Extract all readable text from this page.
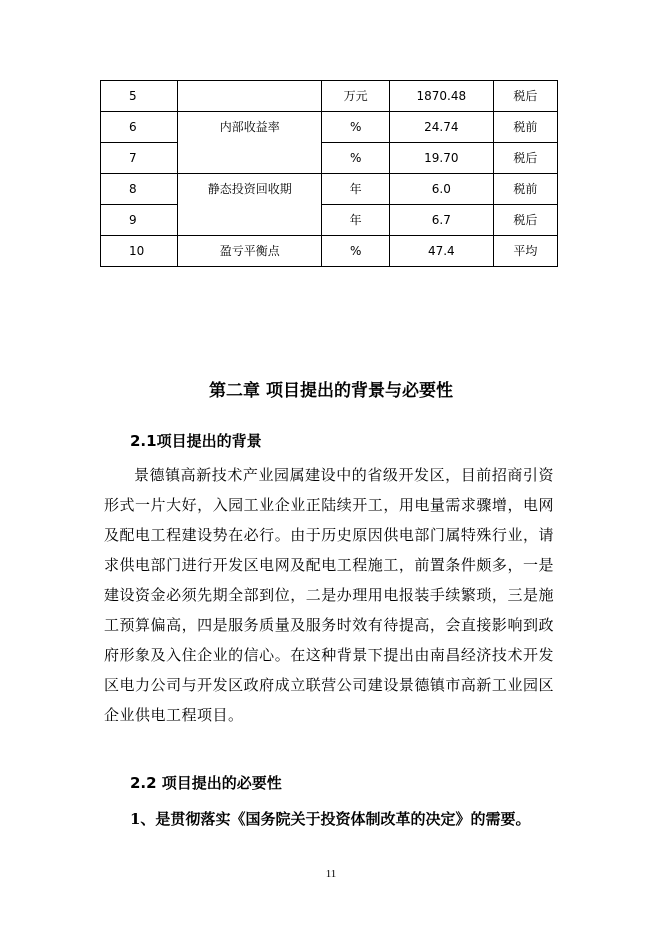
5		万元	1870.48	税后
6	内部收益率	%	24.74	税前
7		%	19.70	税后
8	静态投资回收期	年	6.0	税前
9		年	6.7	税后
10	盈亏平衡点	%	47.4	平均
第二章 项目提出的背景与必要性
2.1项目提出的背景

景德镇高新技术产业园属建设中的省级开发区，目前招商引资形式一片大好，入园工业企业正陆续开工，用电量需求骤增，电网及配电工程建设势在必行。由于历史原因供电部门属特殊行业，请求供电部门进行开发区电网及配电工程施工，前置条件颇多，一是建设资金必须先期全部到位，二是办理用电报装手续繁琐，三是施工预算偏高，四是服务质量及服务时效有待提高，会直接影响到政府形象及入住企业的信心。在这种背景下提出由南昌经济技术开发区电力公司与开发区政府成立联营公司建设景德镇市高新工业园区企业供电工程项目。

2.2 项目提出的必要性
1、是贯彻落实《国务院关于投资体制改革的决定》的需要。
11
